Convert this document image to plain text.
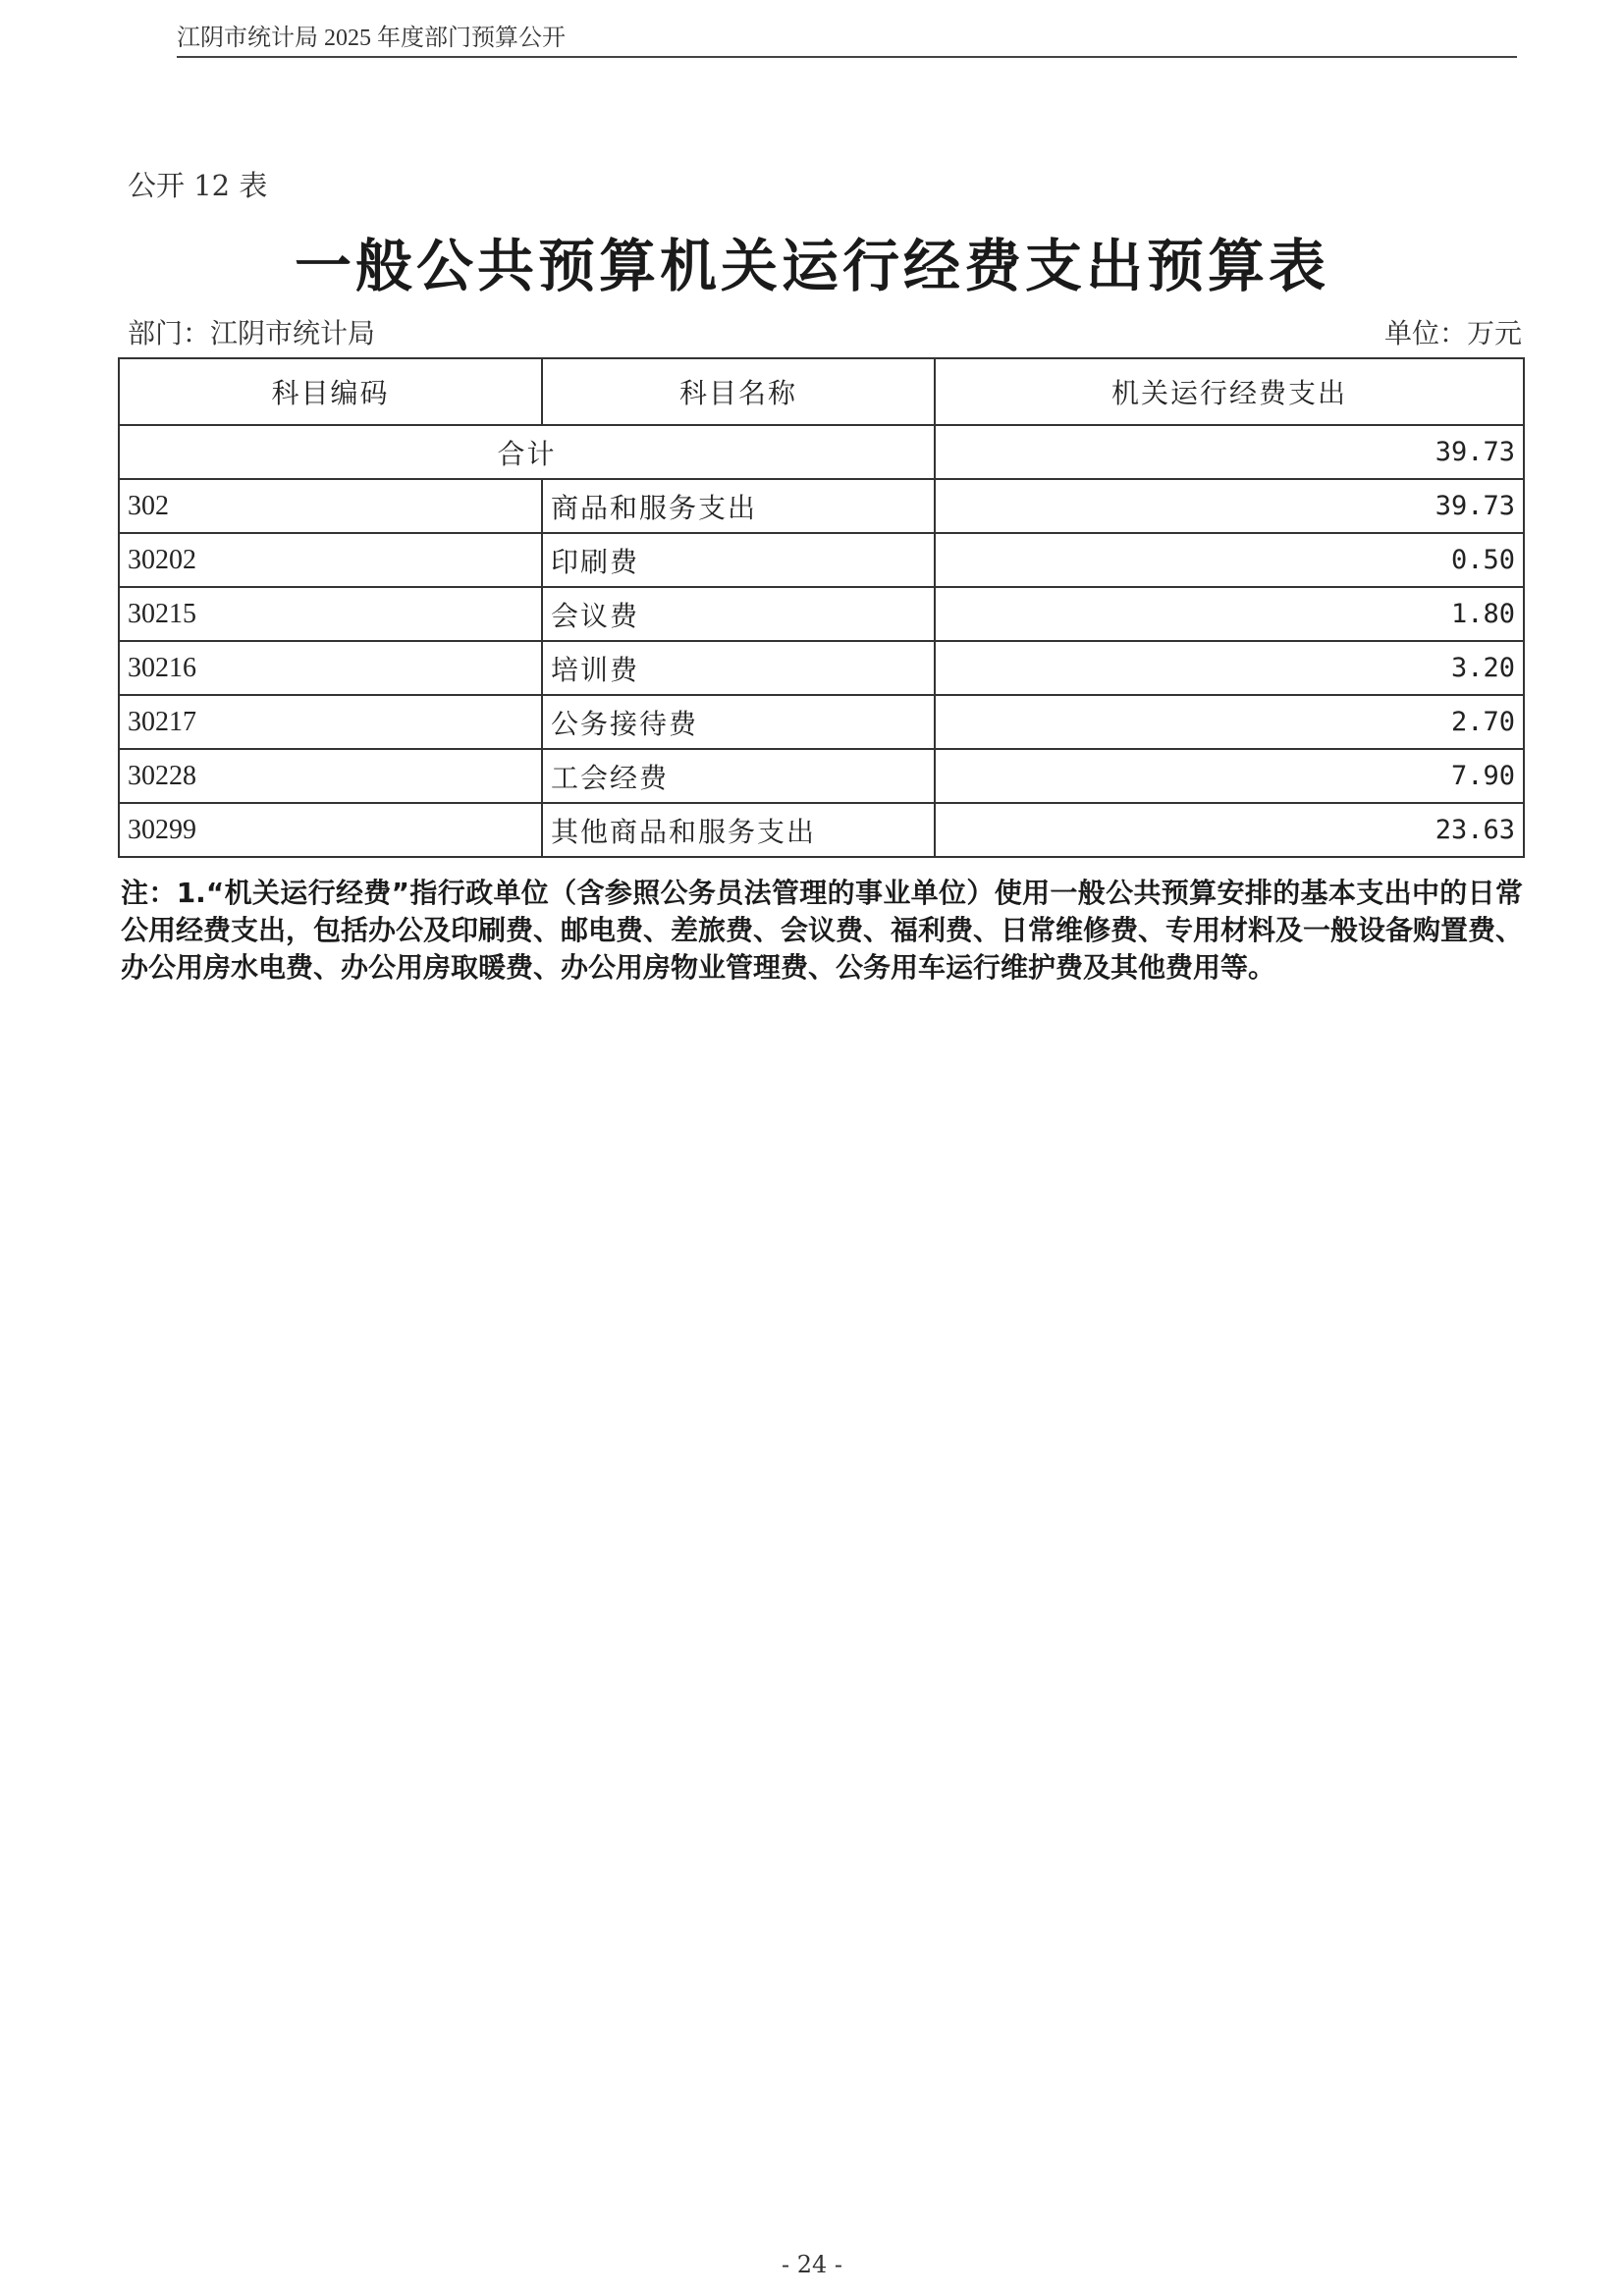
江阴市统计局 2025 年度部门预算公开
公开 12 表
一般公共预算机关运行经费支出预算表
部门：江阴市统计局	单位：万元
科目编码	科目名称	机关运行经费支出
合计		39.73
302	商品和服务支出	39.73
30202	印刷费	0.50
30215	会议费	1.80
30216	培训费	3.20
30217	公务接待费	2.70
30228	工会经费	7.90
30299	其他商品和服务支出	23.63
注：1.“机关运行经费”指行政单位（含参照公务员法管理的事业单位）使用一般公共预算安排的基本支出中的日常公用经费支出，包括办公及印刷费、邮电费、差旅费、会议费、福利费、日常维修费、专用材料及一般设备购置费、办公用房水电费、办公用房取暖费、办公用房物业管理费、公务用车运行维护费及其他费用等。
- 24 -
